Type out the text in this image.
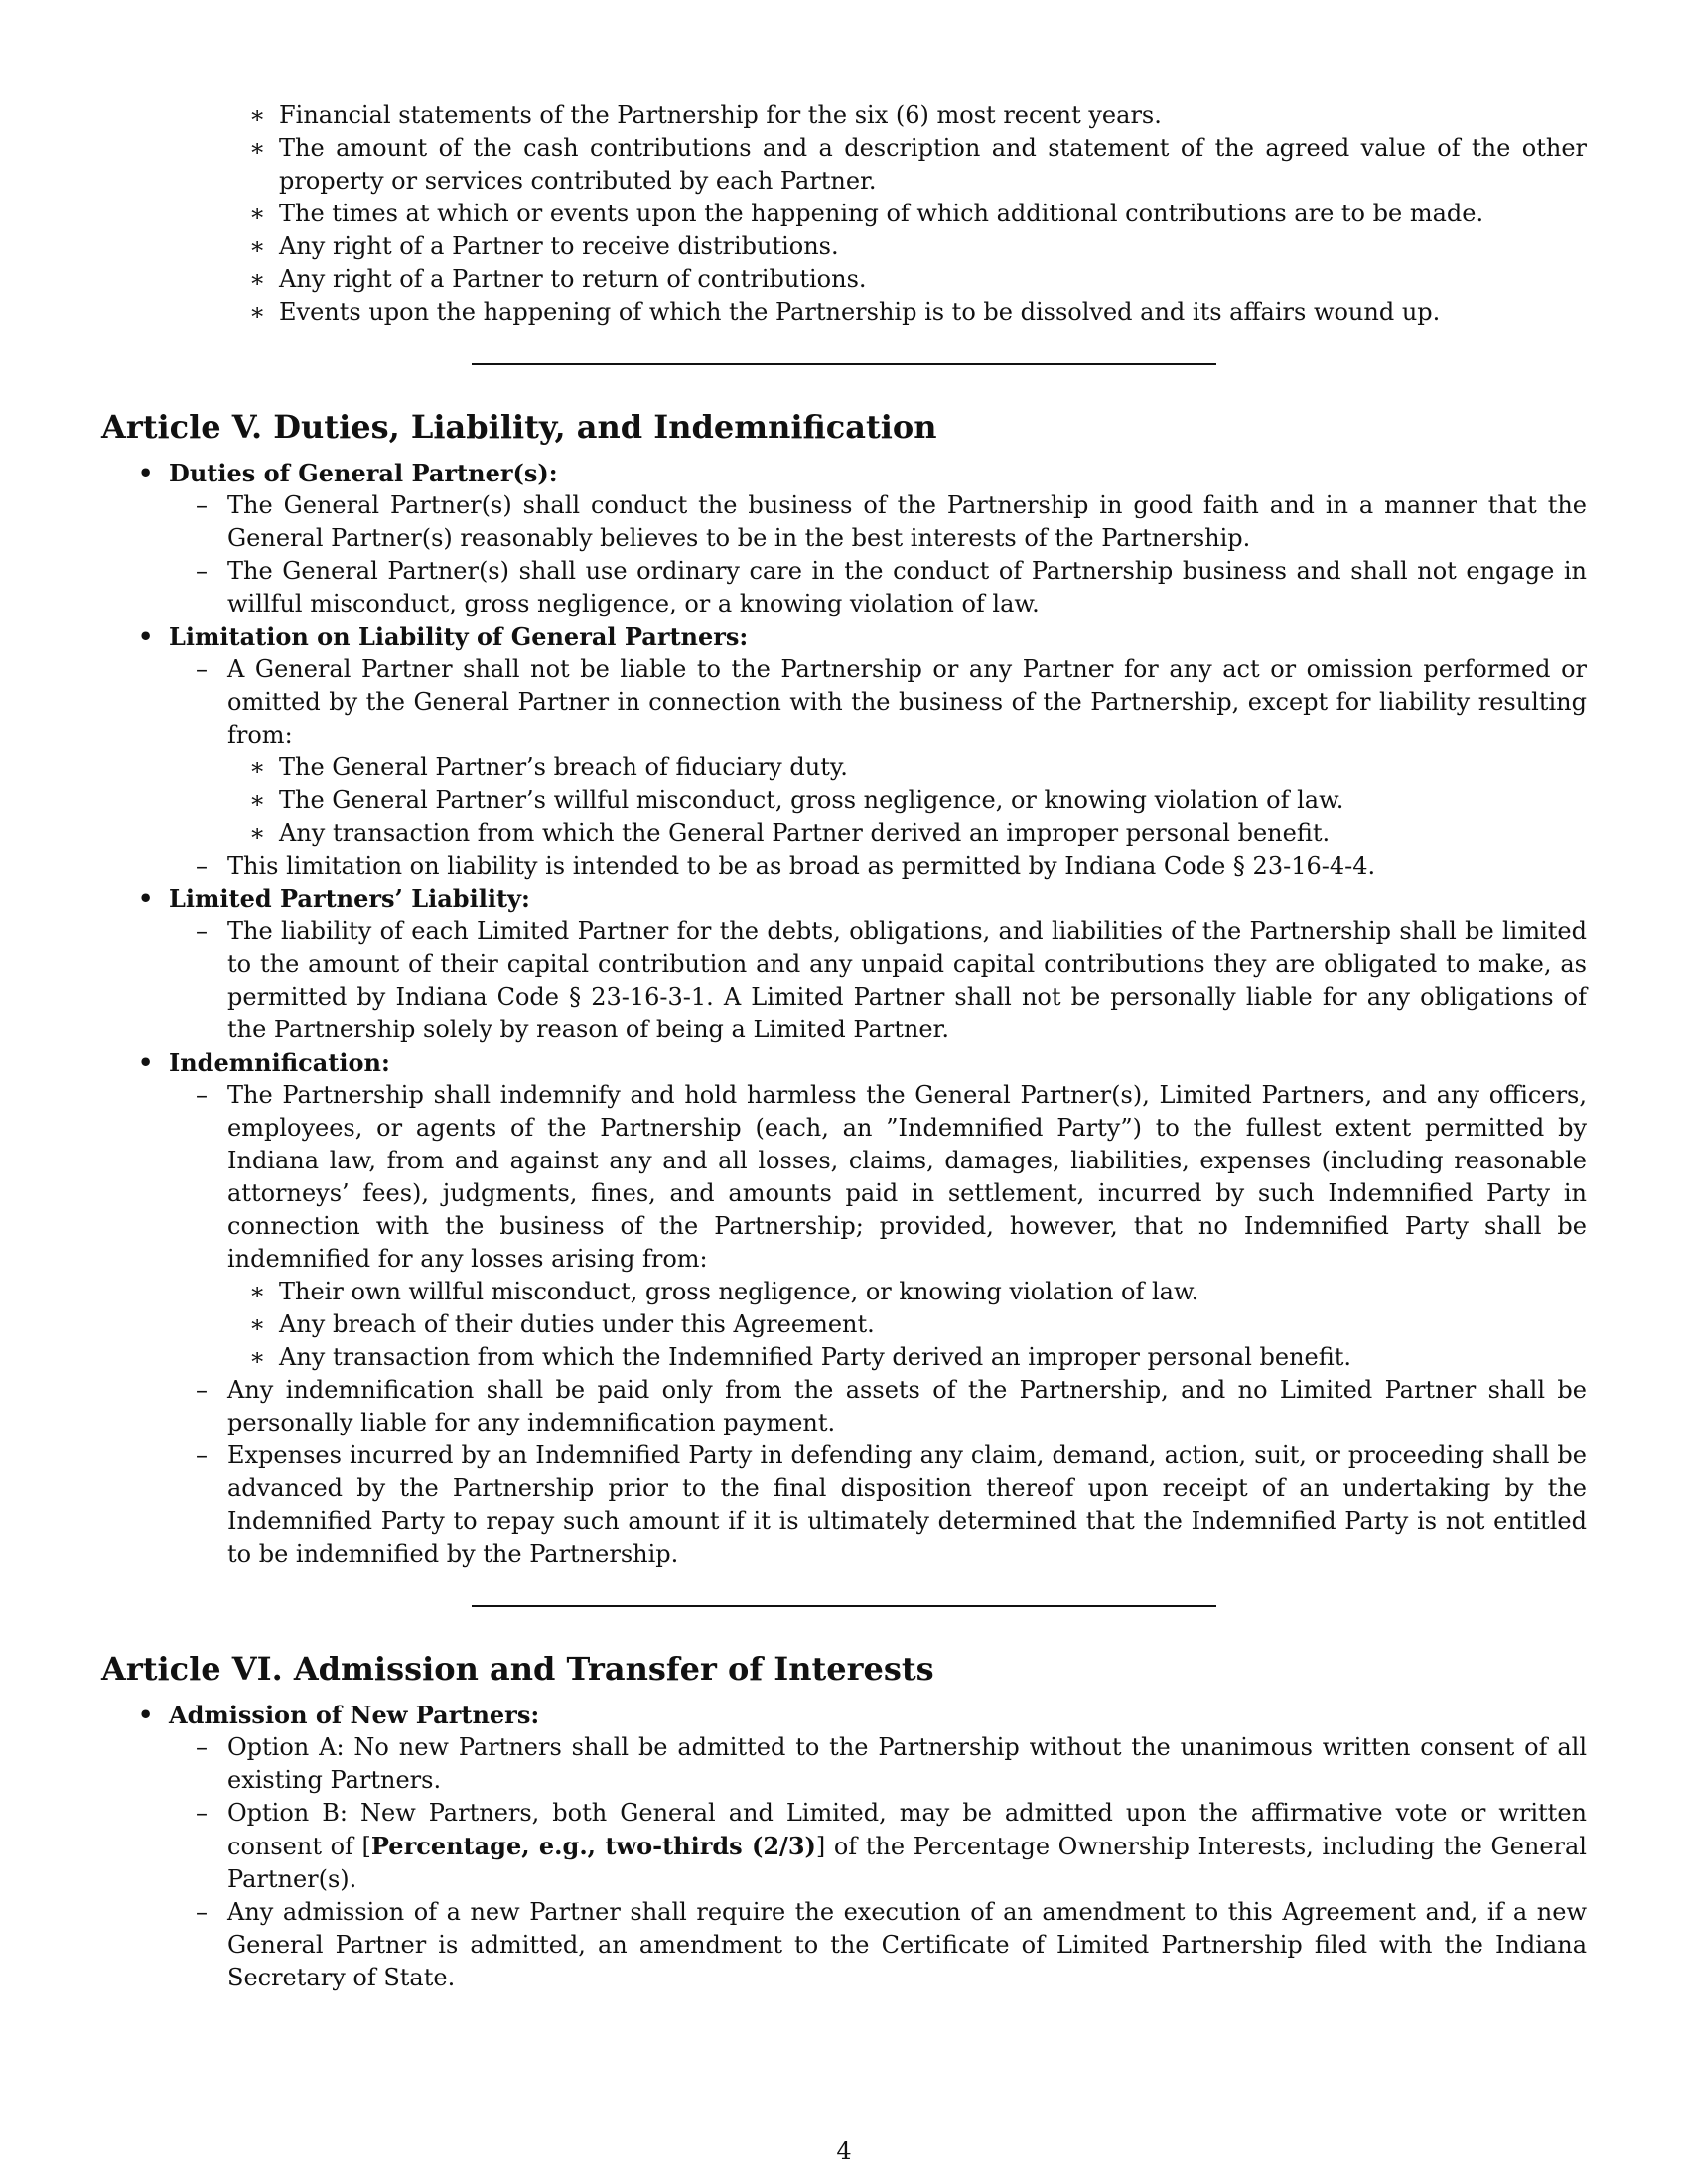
∗ Financial statements of the Partnership for the six (6) most recent years.
∗ The amount of the cash contributions and a description and statement of the agreed value of the other property or services contributed by each Partner.
∗ The times at which or events upon the happening of which additional contributions are to be made.
∗ Any right of a Partner to receive distributions.
∗ Any right of a Partner to return of contributions.
∗ Events upon the happening of which the Partnership is to be dissolved and its affairs wound up.
Article V. Duties, Liability, and Indemnification
• Duties of General Partner(s):
– The General Partner(s) shall conduct the business of the Partnership in good faith and in a manner that the General Partner(s) reasonably believes to be in the best interests of the Partnership.
– The General Partner(s) shall use ordinary care in the conduct of Partnership business and shall not engage in willful misconduct, gross negligence, or a knowing violation of law.
• Limitation on Liability of General Partners:
– A General Partner shall not be liable to the Partnership or any Partner for any act or omission performed or omitted by the General Partner in connection with the business of the Partnership, except for liability resulting from:
∗ The General Partner’s breach of fiduciary duty.
∗ The General Partner’s willful misconduct, gross negligence, or knowing violation of law.
∗ Any transaction from which the General Partner derived an improper personal benefit.
– This limitation on liability is intended to be as broad as permitted by Indiana Code § 23-16-4-4.
• Limited Partners’ Liability:
– The liability of each Limited Partner for the debts, obligations, and liabilities of the Partnership shall be limited to the amount of their capital contribution and any unpaid capital contributions they are obligated to make, as permitted by Indiana Code § 23-16-3-1. A Limited Partner shall not be personally liable for any obligations of the Partnership solely by reason of being a Limited Partner.
• Indemnification:
– The Partnership shall indemnify and hold harmless the General Partner(s), Limited Partners, and any officers, employees, or agents of the Partnership (each, an ”Indemnified Party”) to the fullest extent permitted by Indiana law, from and against any and all losses, claims, damages, liabilities, expenses (including reasonable attorneys’ fees), judgments, fines, and amounts paid in settlement, incurred by such Indemnified Party in connection with the business of the Partnership; provided, however, that no Indemnified Party shall be indemnified for any losses arising from:
∗ Their own willful misconduct, gross negligence, or knowing violation of law.
∗ Any breach of their duties under this Agreement.
∗ Any transaction from which the Indemnified Party derived an improper personal benefit.
– Any indemnification shall be paid only from the assets of the Partnership, and no Limited Partner shall be personally liable for any indemnification payment.
– Expenses incurred by an Indemnified Party in defending any claim, demand, action, suit, or proceeding shall be advanced by the Partnership prior to the final disposition thereof upon receipt of an undertaking by the Indemnified Party to repay such amount if it is ultimately determined that the Indemnified Party is not entitled to be indemnified by the Partnership.
Article VI. Admission and Transfer of Interests
• Admission of New Partners:
– Option A: No new Partners shall be admitted to the Partnership without the unanimous written consent of all existing Partners.
– Option B: New Partners, both General and Limited, may be admitted upon the affirmative vote or written consent of [Percentage, e.g., two-thirds (2/3)] of the Percentage Ownership Interests, including the General Partner(s).
– Any admission of a new Partner shall require the execution of an amendment to this Agreement and, if a new General Partner is admitted, an amendment to the Certificate of Limited Partnership filed with the Indiana Secretary of State.
4
